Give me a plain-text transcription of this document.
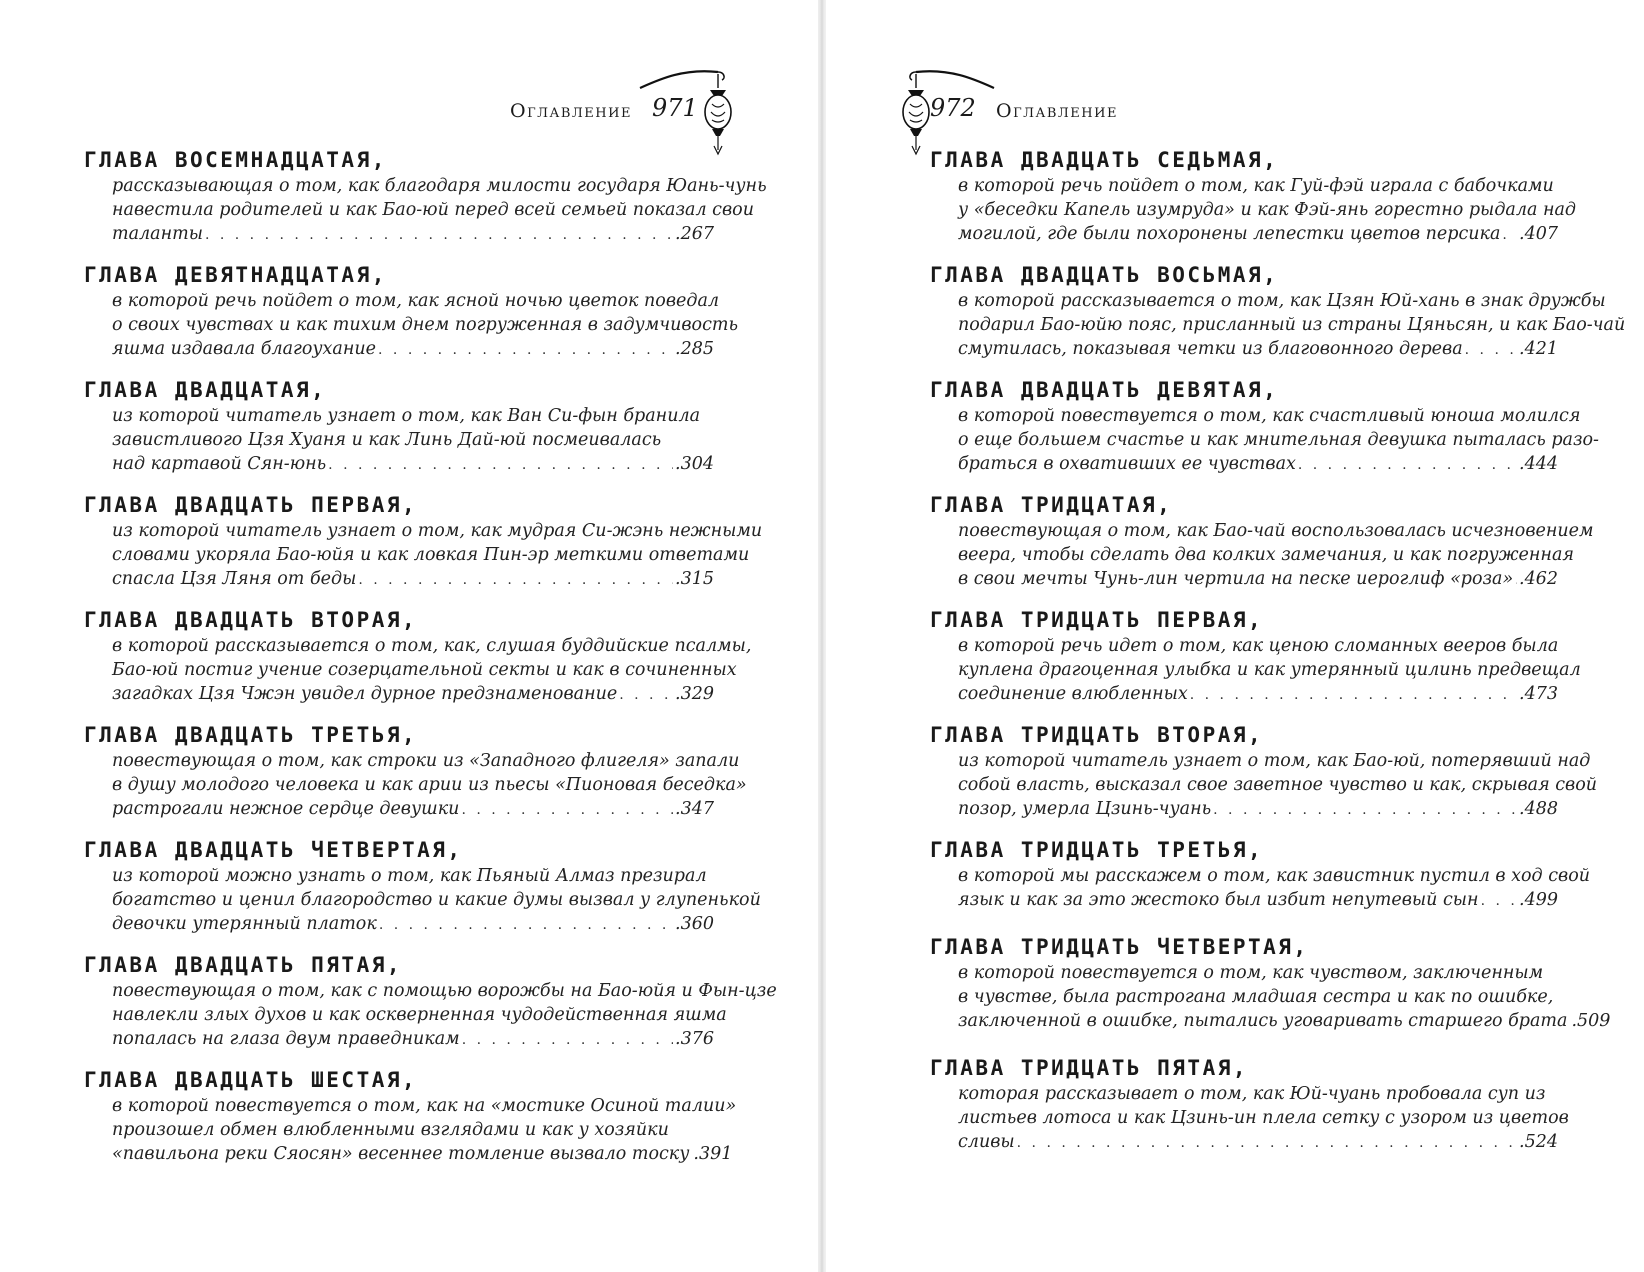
Оглавление 971	972 Оглавление
ГЛАВА ВОСЕМНАДЦАТАЯ,
рассказывающая о том, как благодаря милости государя Юань-чунь
навестила родителей и как Бао-юй перед всей семьей показал свои
таланты . . .	.267
ГЛАВА ДЕВЯТНАДЦАТАЯ,
в которой речь пойдет о том, как ясной ночью цветок поведал
о своих чувствах и как тихим днем погруженная в задумчивость
яшма издавала благоухание . . .	.285
ГЛАВА ДВАДЦАТАЯ,
из которой читатель узнает о том, как Ван Си-фын бранила
завистливого Цзя Хуаня и как Линь Дай-юй посмеивалась
над картавой Сян-юнь . . .	.304
ГЛАВА ДВАДЦАТЬ ПЕРВАЯ,
из которой читатель узнает о том, как мудрая Си-жэнь нежными
словами укоряла Бао-юйя и как ловкая Пин-эр меткими ответами
спасла Цзя Ляня от беды . . .	.315
ГЛАВА ДВАДЦАТЬ ВТОРАЯ,
в которой рассказывается о том, как, слушая буддийские псалмы,
Бао-юй постиг учение созерцательной секты и как в сочиненных
загадках Цзя Чжэн увидел дурное предзнаменование . . .	.329
ГЛАВА ДВАДЦАТЬ ТРЕТЬЯ,
повествующая о том, как строки из «Западного флигеля» запали
в душу молодого человека и как арии из пьесы «Пионовая беседка»
растрогали нежное сердце девушки . . .	.347
ГЛАВА ДВАДЦАТЬ ЧЕТВЕРТАЯ,
из которой можно узнать о том, как Пьяный Алмаз презирал
богатство и ценил благородство и какие думы вызвал у глупенькой
девочки утерянный платок . . .	.360
ГЛАВА ДВАДЦАТЬ ПЯТАЯ,
повествующая о том, как с помощью ворожбы на Бао-юйя и Фын-цзе
навлекли злых духов и как оскверненная чудодейственная яшма
попалась на глаза двум праведникам . . .	.376
ГЛАВА ДВАДЦАТЬ ШЕСТАЯ,
в которой повествуется о том, как на «мостике Осиной талии»
произошел обмен влюбленными взглядами и как у хозяйки
«павильона реки Сяосян» весеннее томление вызвало тоску .391
ГЛАВА ДВАДЦАТЬ СЕДЬМАЯ,
в которой речь пойдет о том, как Гуй-фэй играла с бабочками
у «беседки Капель изумруда» и как Фэй-янь горестно рыдала над
могилой, где были похоронены лепестки цветов персика . . . .407
ГЛАВА ДВАДЦАТЬ ВОСЬМАЯ,
в которой рассказывается о том, как Цзян Юй-хань в знак дружбы
подарил Бао-юйю пояс, присланный из страны Цяньсян, и как Бао-чай
смутилась, показывая четки из благовонного дерева . . .	.421
ГЛАВА ДВАДЦАТЬ ДЕВЯТАЯ,
в которой повествуется о том, как счастливый юноша молился
о еще большем счастье и как мнительная девушка пыталась разо-
браться в охвативших ее чувствах . . .	.444
ГЛАВА ТРИДЦАТАЯ,
повествующая о том, как Бао-чай воспользовалась исчезновением
веера, чтобы сделать два колких замечания, и как погруженная
в свои мечты Чунь-лин чертила на песке иероглиф «роза» . . . .462
ГЛАВА ТРИДЦАТЬ ПЕРВАЯ,
в которой речь идет о том, как ценою сломанных вееров была
куплена драгоценная улыбка и как утерянный цилинь предвещал
соединение влюбленных . . .	.473
ГЛАВА ТРИДЦАТЬ ВТОРАЯ,
из которой читатель узнает о том, как Бао-юй, потерявший над
собой власть, высказал свое заветное чувство и как, скрывая свой
позор, умерла Цзинь-чуань . . .	.488
ГЛАВА ТРИДЦАТЬ ТРЕТЬЯ,
в которой мы расскажем о том, как завистник пустил в ход свой
язык и как за это жестоко был избит непутевый сын . . . .499
ГЛАВА ТРИДЦАТЬ ЧЕТВЕРТАЯ,
в которой повествуется о том, как чувством, заключенным
в чувстве, была растрогана младшая сестра и как по ошибке,
заключенной в ошибке, пытались уговаривать старшего брата .509
ГЛАВА ТРИДЦАТЬ ПЯТАЯ,
которая рассказывает о том, как Юй-чуань пробовала суп из
листьев лотоса и как Цзинь-ин плела сетку с узором из цветов
сливы . . .	.524
